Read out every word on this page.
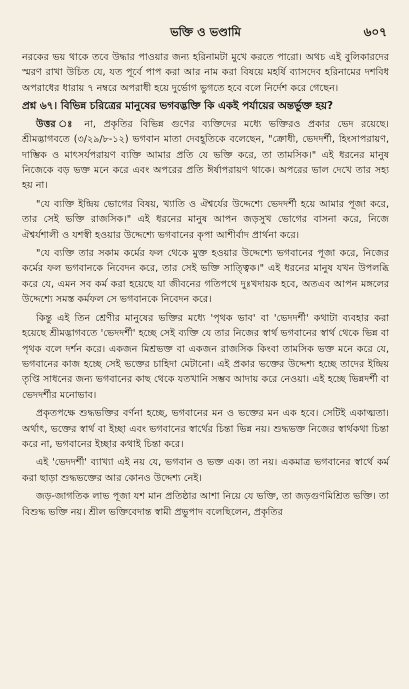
ভক্তি ও ভণ্ডামি	৬০৭

নরকের ভয় থাকে তবে উদ্ধার পাওয়ার জন্য হরিনামটা মুখে করতে পারো। অথচ এই বুলিকারদের স্মরণ রাখা উচিত যে, যত পূর্বে পাপ করা আর নাম করা বিষয়ে মহর্ষি ব্যাসদেব হরিনামের দশবিধ অপরাধের ধারায় ৭ নম্বরে অপরাধী হয়ে দুর্ভোগ ভুগতে হবে বলে নির্দেশ করে গেছেন।

প্রশ্ন ৬৭। বিভিন্ন চরিত্রের মানুষের ভগবদ্ভক্তি কি একই পর্যায়ের অন্তর্ভুক্ত হয়?

উত্তর ঃ না, প্রকৃতির বিভিন্ন গুণের ব্যক্তিদের মধ্যে ভক্তিরও প্রকার ভেদ রয়েছে। শ্রীমদ্ভাগবতে (৩/২৯/৮-১২) ভগবান মাতা দেবহূতিকে বলেছেন, "ক্রোধী, ভেদদর্শী, হিংসাপরায়ণ, দাম্ভিক ও মাৎসর্যপরায়ণ ব্যক্তি আমার প্রতি যে ভক্তি করে, তা তামসিক।" এই ধরনের মানুষ নিজেকে বড় ভক্ত মনে করে এবং অপরের প্রতি ঈর্ষাপরায়ণ থাকে। অপরের ভাল দেখে তার সহ্য হয় না।

"যে ব্যক্তি ইন্দ্রিয় ভোগের বিষয়, খ্যাতি ও ঐশ্বর্যের উদ্দেশ্যে ভেদদর্শী হয়ে আমার পূজা করে, তার সেই ভক্তি রাজসিক।" এই ধরনের মানুষ আপন জড়সুখ ভোগের বাসনা করে, নিজে ঐশ্বর্যশালী ও যশস্বী হওয়ার উদ্দেশ্যে ভগবানের কৃপা আশীর্বাদ প্রার্থনা করে।

"যে ব্যক্তি তার সকাম কর্মের ফল থেকে মুক্ত হওয়ার উদ্দেশ্যে ভগবানের পূজা করে, নিজের কর্মের ফল ভগবানকে নিবেদন করে, তার সেই ভক্তি সাত্ত্বিক।" এই ধরনের মানুষ যখন উপলব্ধি করে যে, এমন সব কর্ম করা হয়েছে যা জীবনের গতিপথে দুঃখদায়ক হবে, অতএব আপন মঙ্গলের উদ্দেশ্যে সমস্ত কর্মফল সে ভগবানকে নিবেদন করে।

কিন্তু এই তিন শ্রেণীর মানুষের ভক্তির মধ্যে 'পৃথক ভাব' বা 'ভেদদর্শী' কথাটা ব্যবহার করা হয়েছে শ্রীমদ্ভাগবতে 'ভেদদর্শী' হচ্ছে সেই ব্যক্তি যে তার নিজের স্বার্থ ভগবানের স্বার্থ থেকে ভিন্ন বা পৃথক বলে দর্শন করে। একজন মিশ্রভক্ত বা একজন রাজসিক কিংবা তামসিক ভক্ত মনে করে যে, ভগবানের কাজ হচ্ছে সেই ভক্তের চাহিদা মেটানো। এই প্রকার ভক্তের উদ্দেশ্য হচ্ছে তাদের ইন্দ্রিয় তৃপ্তি সাধনের জন্য ভগবানের কাছ থেকে যতখানি সম্ভব আদায় করে নেওয়া। এই হচ্ছে ভিন্নদর্শী বা ভেদদর্শীর মনোভাব।

প্রকৃতপক্ষে শুদ্ধভক্তির বর্ণনা হচ্ছে, ভগবানের মন ও ভক্তের মন এক হবে। সেটিই একাত্মতা। অর্থাৎ, ভক্তের স্বার্থ বা ইচ্ছা এবং ভগবানের স্বার্থের চিন্তা ভিন্ন নয়। শুদ্ধভক্ত নিজের স্বার্থকথা চিন্তা করে না, ভগবানের ইচ্ছার কথাই চিন্তা করে।

এই 'ভেদদর্শী' ব্যাখ্যা এই নয় যে, ভগবান ও ভক্ত এক। তা নয়। একমাত্র ভগবানের স্বার্থে কর্ম করা ছাড়া শুদ্ধভক্তের আর কোনও উদ্দেশ্য নেই।

জড়-জাগতিক লাভ পূজা যশ মান প্রতিষ্ঠার আশা নিয়ে যে ভক্তি, তা জড়গুণমিশ্রিত ভক্তি। তা বিশুদ্ধ ভক্তি নয়। শ্রীল ভক্তিবেদান্ত স্বামী প্রভুপাদ বলেছিলেন, প্রকৃতির
